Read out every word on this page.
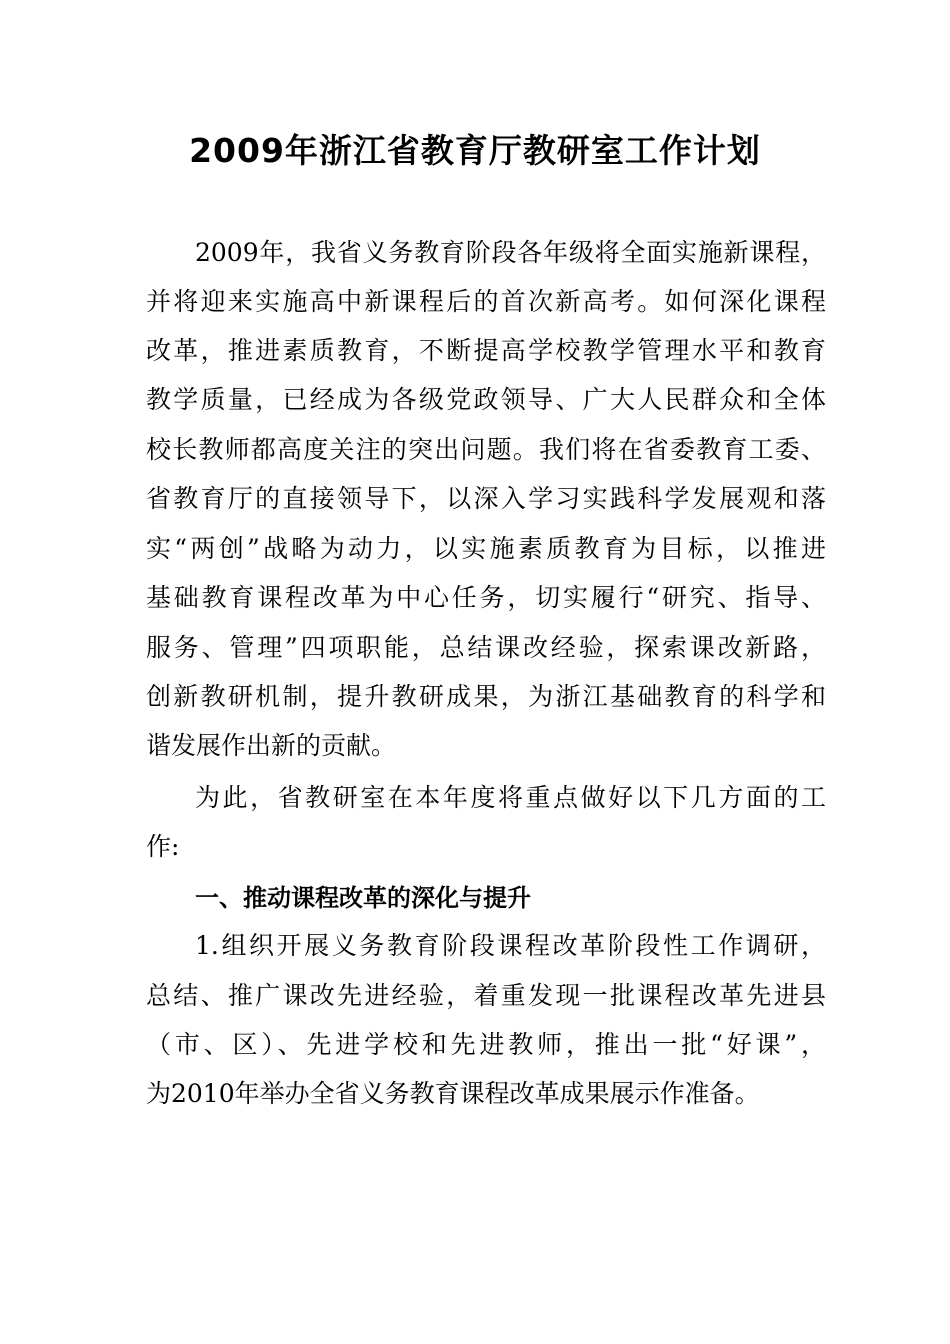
2009年浙江省教育厅教研室工作计划
2009年，我省义务教育阶段各年级将全面实施新课程，
并将迎来实施高中新课程后的首次新高考。如何深化课程
改革，推进素质教育，不断提高学校教学管理水平和教育
教学质量，已经成为各级党政领导、广大人民群众和全体
校长教师都高度关注的突出问题。我们将在省委教育工委、
省教育厅的直接领导下，以深入学习实践科学发展观和落
实“两创”战略为动力，以实施素质教育为目标，以推进
基础教育课程改革为中心任务，切实履行“研究、指导、
服务、管理”四项职能，总结课改经验，探索课改新路，
创新教研机制，提升教研成果，为浙江基础教育的科学和
谐发展作出新的贡献。
为此，省教研室在本年度将重点做好以下几方面的工
作:
一、推动课程改革的深化与提升
1.组织开展义务教育阶段课程改革阶段性工作调研，
总结、推广课改先进经验，着重发现一批课程改革先进县
（市、区）、先进学校和先进教师，推出一批“好课”，
为2010年举办全省义务教育课程改革成果展示作准备。
